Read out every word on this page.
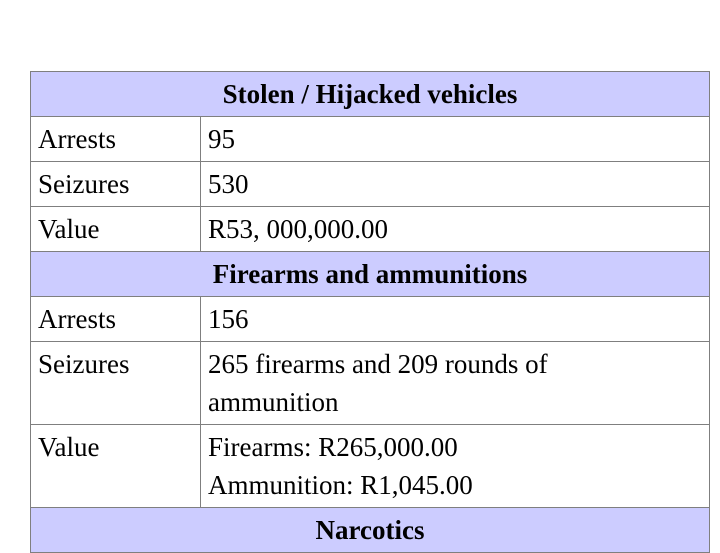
Stolen / Hijacked vehicles
Arrests	95
Seizures	530
Value	R53, 000,000.00
Firearms and ammunitions
Arrests	156
Seizures	265 firearms and 209 rounds of
ammunition
Value	Firearms: R265,000.00
Ammunition: R1,045.00
Narcotics
